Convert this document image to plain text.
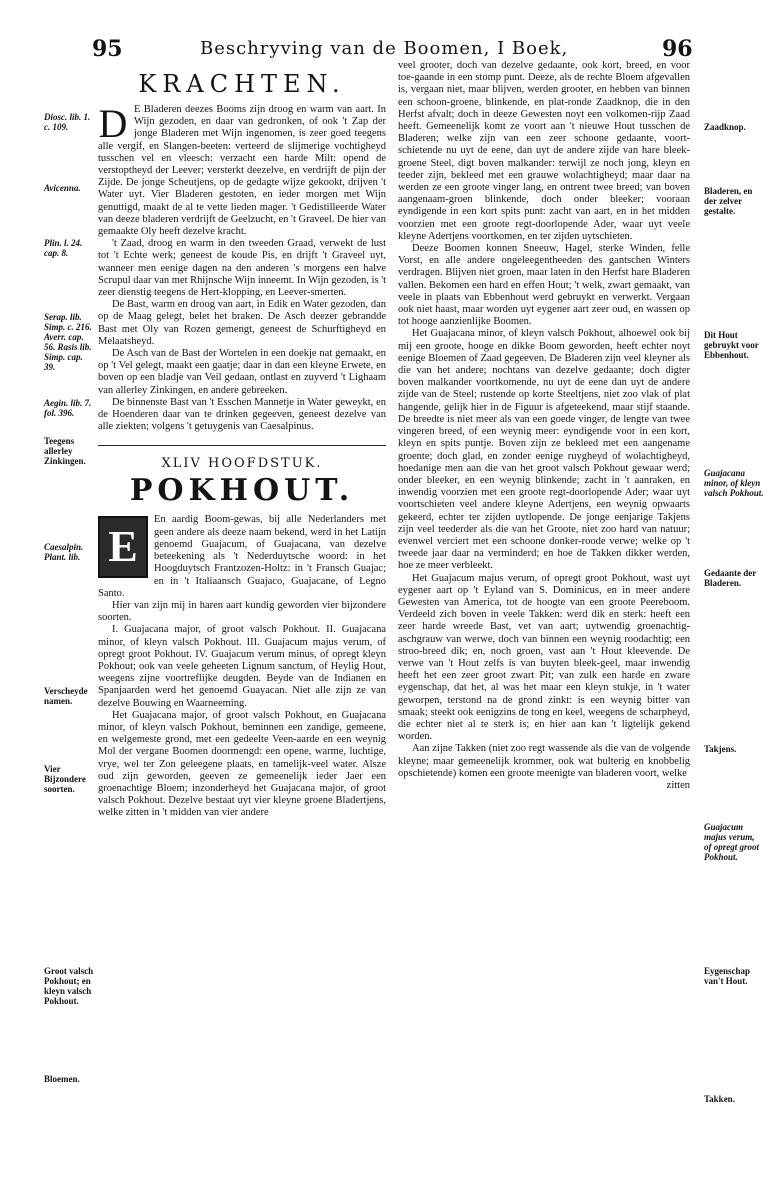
95	Beschryving van de Boomen, I Boek,	96
Diosc. lib. 1. c. 109.
Avicenna.
Plin. l. 24. cap. 8.
Serap. lib. Simp. c. 216. Averr. cap. 56. Rasis lib. Simp. cap. 39.
Aegin. lib. 7. fol. 396.
Teegens allerley Zinkingen.
Caesalpin. Plant. lib.
Verscheyde namen.
Vier Bijzondere soorten.
Groot valsch Pokhout; en kleyn valsch Pokhout.
Bloemen.
KRACHTEN.

D E Bladeren deezes Booms zijn droog en warm van aart. In Wijn gezoden, en daar van gedronken, of ook 't Zap der jonge Bladeren met Wijn ingenomen, is zeer goed teegens alle vergif, en Slangen-beeten: verteerd de slijmerige vochtigheyd tusschen vel en vleesch: verzacht een harde Milt: opend de verstoptheyd der Leever; versterkt deezelve, en verdrijft de pijn der Zijde. De jonge Scheutjens, op de gedagte wijze gekookt, drijven 't Water uyt. Vier Bladeren gestoten, en ieder morgen met Wijn genuttigd, maakt de al te vette lieden mager. 't Gedistilleerde Water van deeze bladeren verdrijft de Geelzucht, en 't Graveel. De hier van gemaakte Oly heeft dezelve kracht.

't Zaad, droog en warm in den tweeden Graad, verwekt de lust tot 't Echte werk; geneest de koude Pis, en drijft 't Graveel uyt, wanneer men eenige dagen na den anderen 's morgens een halve Scrupul daar van met Rhijnsche Wijn inneemt. In Wijn gezoden, is 't zeer dienstig teegens de Hert-klopping, en Leever-smerten.

De Bast, warm en droog van aart, in Edik en Water gezoden, dan op de Maag gelegt, belet het braken. De Asch deezer gebrandde Bast met Oly van Rozen gemengt, geneest de Schurftigheyd en Melaatsheyd.

De Asch van de Bast der Wortelen in een doekje nat gemaakt, en op 't Vel gelegt, maakt een gaatje; daar in dan een kleyne Erwete, en boven op een bladje van Veil gedaan, ontlast en zuyverd 't Lighaam van allerley Zinkingen, en andere gebreeken.

De binnenste Bast van 't Esschen Mannetje in Water geweykt, en de Hoenderen daar van te drinken gegeeven, geneest dezelve van alle ziekten; volgens 't getuygenis van Caesalpinus.

XLIV HOOFDSTUK.
POKHOUT.

E
En aardig Boom-gewas, bij alle Nederlanders met geen andere als deeze naam bekend, werd in het Latijn genoemd Guajacum, of Guajacana, van dezelve beteekening als 't Nederduytsche woord: in het Hoogduytsch Frantzozen-Holtz: in 't Fransch Guajac; en in 't Italiaansch Guajaco, Guajacane, of Legno Santo.

Hier van zijn mij in haren aart kundig geworden vier bijzondere soorten.

I. Guajacana major, of groot valsch Pokhout. II. Guajacana minor, of kleyn valsch Pokhout. III. Guajacum majus verum, of opregt groot Pokhout. IV. Guajacum verum minus, of opregt kleyn Pokhout; ook van veele geheeten Lignum sanctum, of Heylig Hout, weegens zijne voortreflijke deugden. Beyde van de Indianen en Spanjaarden werd het genoemd Guayacan. Niet alle zijn ze van dezelve Bouwing en Waarneeming.

Het Guajacana major, of groot valsch Pokhout, en Guajacana minor, of kleyn valsch Pokhout, beminnen een zandige, gemeene, en welgemeste grond, met een gedeelte Veen-aarde en een weynig Mol der vergane Boomen doormengd: een opene, warme, luchtige, vrye, wel ter Zon geleegene plaats, en tamelijk-veel water. Alsze oud zijn geworden, geeven ze gemeenelijk ieder Jaer een groenachtige Bloem; inzonderheyd het Guajacana major, of groot valsch Pokhout. Dezelve bestaat uyt vier kleyne groene Bladertjens, welke zitten in 't midden van vier andere

veel grooter, doch van dezelve gedaante, ook kort, breed, en voor toe-gaande in een stomp punt. Deeze, als de rechte Bloem afgevallen is, vergaan niet, maar blijven, werden grooter, en hebben van binnen een schoon-groene, blinkende, en plat-ronde Zaadknop, die in den Herfst afvalt; doch in deeze Gewesten noyt een volkomen-rijp Zaad heeft. Gemeenelijk komt ze voort aan 't nieuwe Hout tusschen de Bladeren; welke zijn van een zeer schoone gedaante, voort-schietende nu uyt de eene, dan uyt de andere zijde van hare bleek-groene Steel, digt boven malkander: terwijl ze noch jong, kleyn en teeder zijn, bekleed met een grauwe wolachtigheyd; maar daar na werden ze een groote vinger lang, en ontrent twee breed; van boven aangenaam-groen blinkende, doch onder bleeker; vooraan eyndigende in een kort spits punt: zacht van aart, en in het midden voorzien met een groote regt-doorlopende Ader, waar uyt veele kleyne Adertjens voortkomen, en ter zijden uytschieten.

Deeze Boomen konnen Sneeuw, Hagel, sterke Winden, felle Vorst, en alle andere ongeleegentheeden des gantschen Winters verdragen. Blijven niet groen, maar laten in den Herfst hare Bladeren vallen. Bekomen een hard en effen Hout; 't welk, zwart gemaakt, van veele in plaats van Ebbenhout werd gebruykt en verwerkt. Vergaan ook niet haast, maar worden uyt eygener aart zeer oud, en wassen op tot hooge aanzienlijke Boomen.

Het Guajacana minor, of kleyn valsch Pokhout, alhoewel ook bij mij een groote, hooge en dikke Boom geworden, heeft echter noyt eenige Bloemen of Zaad gegeeven. De Bladeren zijn veel kleyner als die van het andere; nochtans van dezelve gedaante; doch digter boven malkander voortkomende, nu uyt de eene dan uyt de andere zijde van de Steel; rustende op korte Steeltjens, niet zoo vlak of plat hangende, gelijk hier in de Figuur is afgeteekend, maar stijf staande. De breedte is niet meer als van een goede vinger, de lengte van twee vingeren breed, of een weynig meer: eyndigende voor in een kort, kleyn en spits puntje. Boven zijn ze bekleed met een aangename groente; doch glad, en zonder eenige ruygheyd of wolachtigheyd, hoedanige men aan die van het groot valsch Pokhout gewaar werd; onder bleeker, en een weynig blinkende; zacht in 't aanraken, en inwendig voorzien met een groote regt-doorlopende Ader; waar uyt voortschieten veel andere kleyne Adertjens, een weynig opwaarts gekeerd, echter ter zijden uytlopende. De jonge eenjarige Takjens zijn veel teederder als die van het Groote, niet zoo hard van natuur; evenwel verciert met een schoone donker-roode verwe; welke op 't tweede jaar daar na verminderd; en hoe de Takken dikker werden, hoe ze meer verbleekt.

Het Guajacum majus verum, of opregt groot Pokhout, wast uyt eygener aart op 't Eyland van S. Dominicus, en in meer andere Gewesten van America, tot de hoogte van een groote Peereboom. Verdeeld zich boven in veele Takken: werd dik en sterk: heeft een zeer harde wreede Bast, vet van aart; uytwendig groenachtig-aschgrauw van werwe, doch van binnen een weynig roodachtig; een stroo-breed dik; en, noch groen, vast aan 't Hout kleevende. De verwe van 't Hout zelfs is van buyten bleek-geel, maar inwendig heeft het een zeer groot zwart Pit; van zulk een harde en zware eygenschap, dat het, al was het maar een kleyn stukje, in 't water geworpen, terstond na de grond zinkt: is een weynig bitter van smaak; steekt ook eenigzins de tong en keel, weegens de scharpheyd, die echter niet al te sterk is; en hier aan kan 't ligtelijk gekend worden.

Aan zijne Takken (niet zoo regt wassende als die van de volgende kleyne; maar gemeenelijk krommer, ook wat bulterig en knobbelig opschietende) komen een groote meenigte van bladeren voort, welke

zitten
Zaadknop.
Bladeren, en der zelver gestalte.
Dit Hout gebruykt voor Ebbenhout.
Guajacana minor, of kleyn valsch Pokhout.
Gedaante der Bladeren.
Takjens.
Guajacum majus verum, of opregt groot Pokhout.
Eygenschap van't Hout.
Takken.
